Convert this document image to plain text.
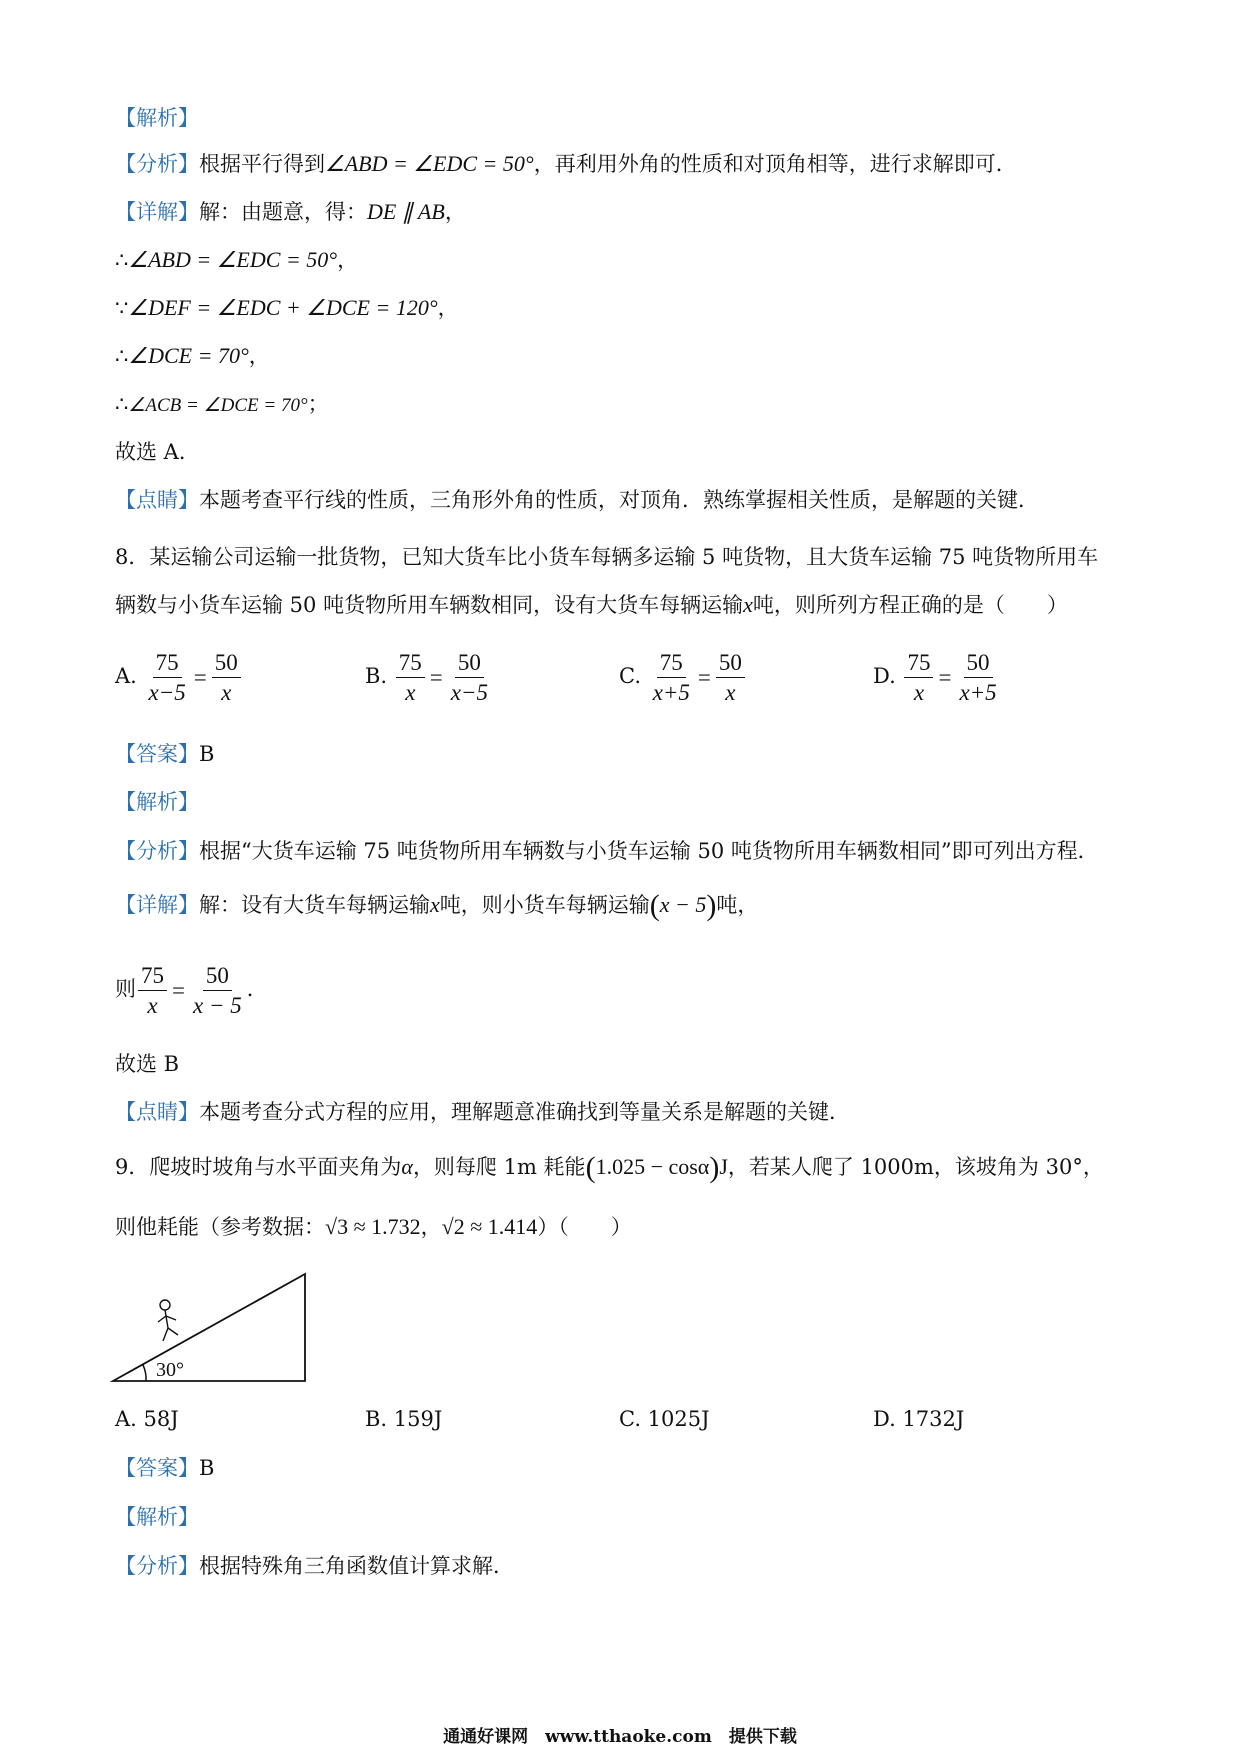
【解析】
【分析】根据平行得到∠ABD = ∠EDC = 50°，再利用外角的性质和对顶角相等，进行求解即可．
【详解】解：由题意，得：DE ∥ AB，
∴∠ABD = ∠EDC = 50°，
∵∠DEF = ∠EDC + ∠DCE = 120°，
∴∠DCE = 70°，
∴∠ACB = ∠DCE = 70°；
故选 A．
【点睛】本题考查平行线的性质，三角形外角的性质，对顶角．熟练掌握相关性质，是解题的关键．
8．某运输公司运输一批货物，已知大货车比小货车每辆多运输 5 吨货物，且大货车运输 75 吨货物所用车
辆数与小货车运输 50 吨货物所用车辆数相同，设有大货车每辆运输x吨，则所列方程正确的是（　　）
A. $\frac{75}{x-5} = \frac{50}{x}$	B. $\frac{75}{x} = \frac{50}{x-5}$	C. $\frac{75}{x+5} = \frac{50}{x}$	D. $\frac{75}{x} = \frac{50}{x+5}$
【答案】B
【解析】
【分析】根据“大货车运输 75 吨货物所用车辆数与小货车运输 50 吨货物所用车辆数相同”即可列出方程．
【详解】解：设有大货车每辆运输x吨，则小货车每辆运输(x − 5)吨，
则 $\frac{75}{x} = \frac{50}{x - 5}$ ．
故选 B
【点睛】本题考查分式方程的应用，理解题意准确找到等量关系是解题的关键．
9．爬坡时坡角与水平面夹角为α，则每爬 1m 耗能(1.025 − cosα)J，若某人爬了 1000m，该坡角为 30°，
则他耗能（参考数据：√3 ≈ 1.732，√2 ≈ 1.414）（　　）
30°
A. 58J	B. 159J	C. 1025J	D. 1732J
【答案】B
【解析】
【分析】根据特殊角三角函数值计算求解．
通通好课网　www.tthaoke.com　提供下载
